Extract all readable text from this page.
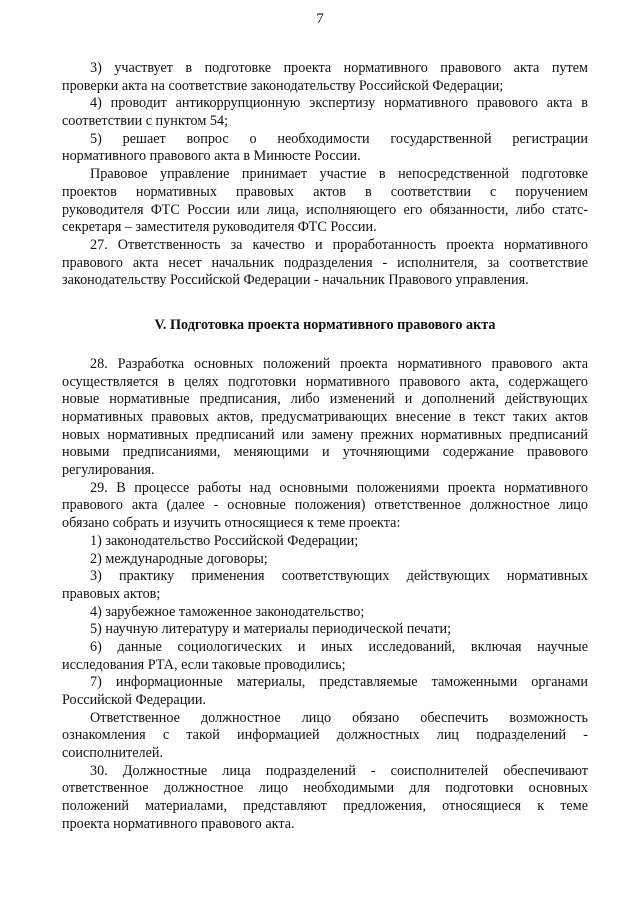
7
3) участвует в подготовке проекта нормативного правового акта путем
проверки акта на соответствие законодательству Российской Федерации;
4) проводит антикоррупционную экспертизу нормативного правового акта в
соответствии с пунктом 54;
5) решает вопрос о необходимости государственной регистрации
нормативного правового акта в Минюсте России.
Правовое управление принимает участие в непосредственной подготовке
проектов нормативных правовых актов в соответствии с поручением
руководителя ФТС России или лица, исполняющего его обязанности, либо статс-
секретаря – заместителя руководителя ФТС России.
27. Ответственность за качество и проработанность проекта нормативного
правового акта несет начальник подразделения - исполнителя, за соответствие
законодательству Российской Федерации - начальник Правового управления.
V. Подготовка проекта нормативного правового акта
28. Разработка основных положений проекта нормативного правового акта
осуществляется в целях подготовки нормативного правового акта, содержащего
новые нормативные предписания, либо изменений и дополнений действующих
нормативных правовых актов, предусматривающих внесение в текст таких актов
новых нормативных предписаний или замену прежних нормативных предписаний
новыми предписаниями, меняющими и уточняющими содержание правового
регулирования.
29. В процессе работы над основными положениями проекта нормативного
правового акта (далее - основные положения) ответственное должностное лицо
обязано собрать и изучить относящиеся к теме проекта:
1) законодательство Российской Федерации;
2) международные договоры;
3) практику применения соответствующих действующих нормативных
правовых актов;
4) зарубежное таможенное законодательство;
5) научную литературу и материалы периодической печати;
6) данные социологических и иных исследований, включая научные
исследования РТА, если таковые проводились;
7) информационные материалы, представляемые таможенными органами
Российской Федерации.
Ответственное должностное лицо обязано обеспечить возможность
ознакомления с такой информацией должностных лиц подразделений -
соисполнителей.
30. Должностные лица подразделений - соисполнителей обеспечивают
ответственное должностное лицо необходимыми для подготовки основных
положений материалами, представляют предложения, относящиеся к теме
проекта нормативного правового акта.
